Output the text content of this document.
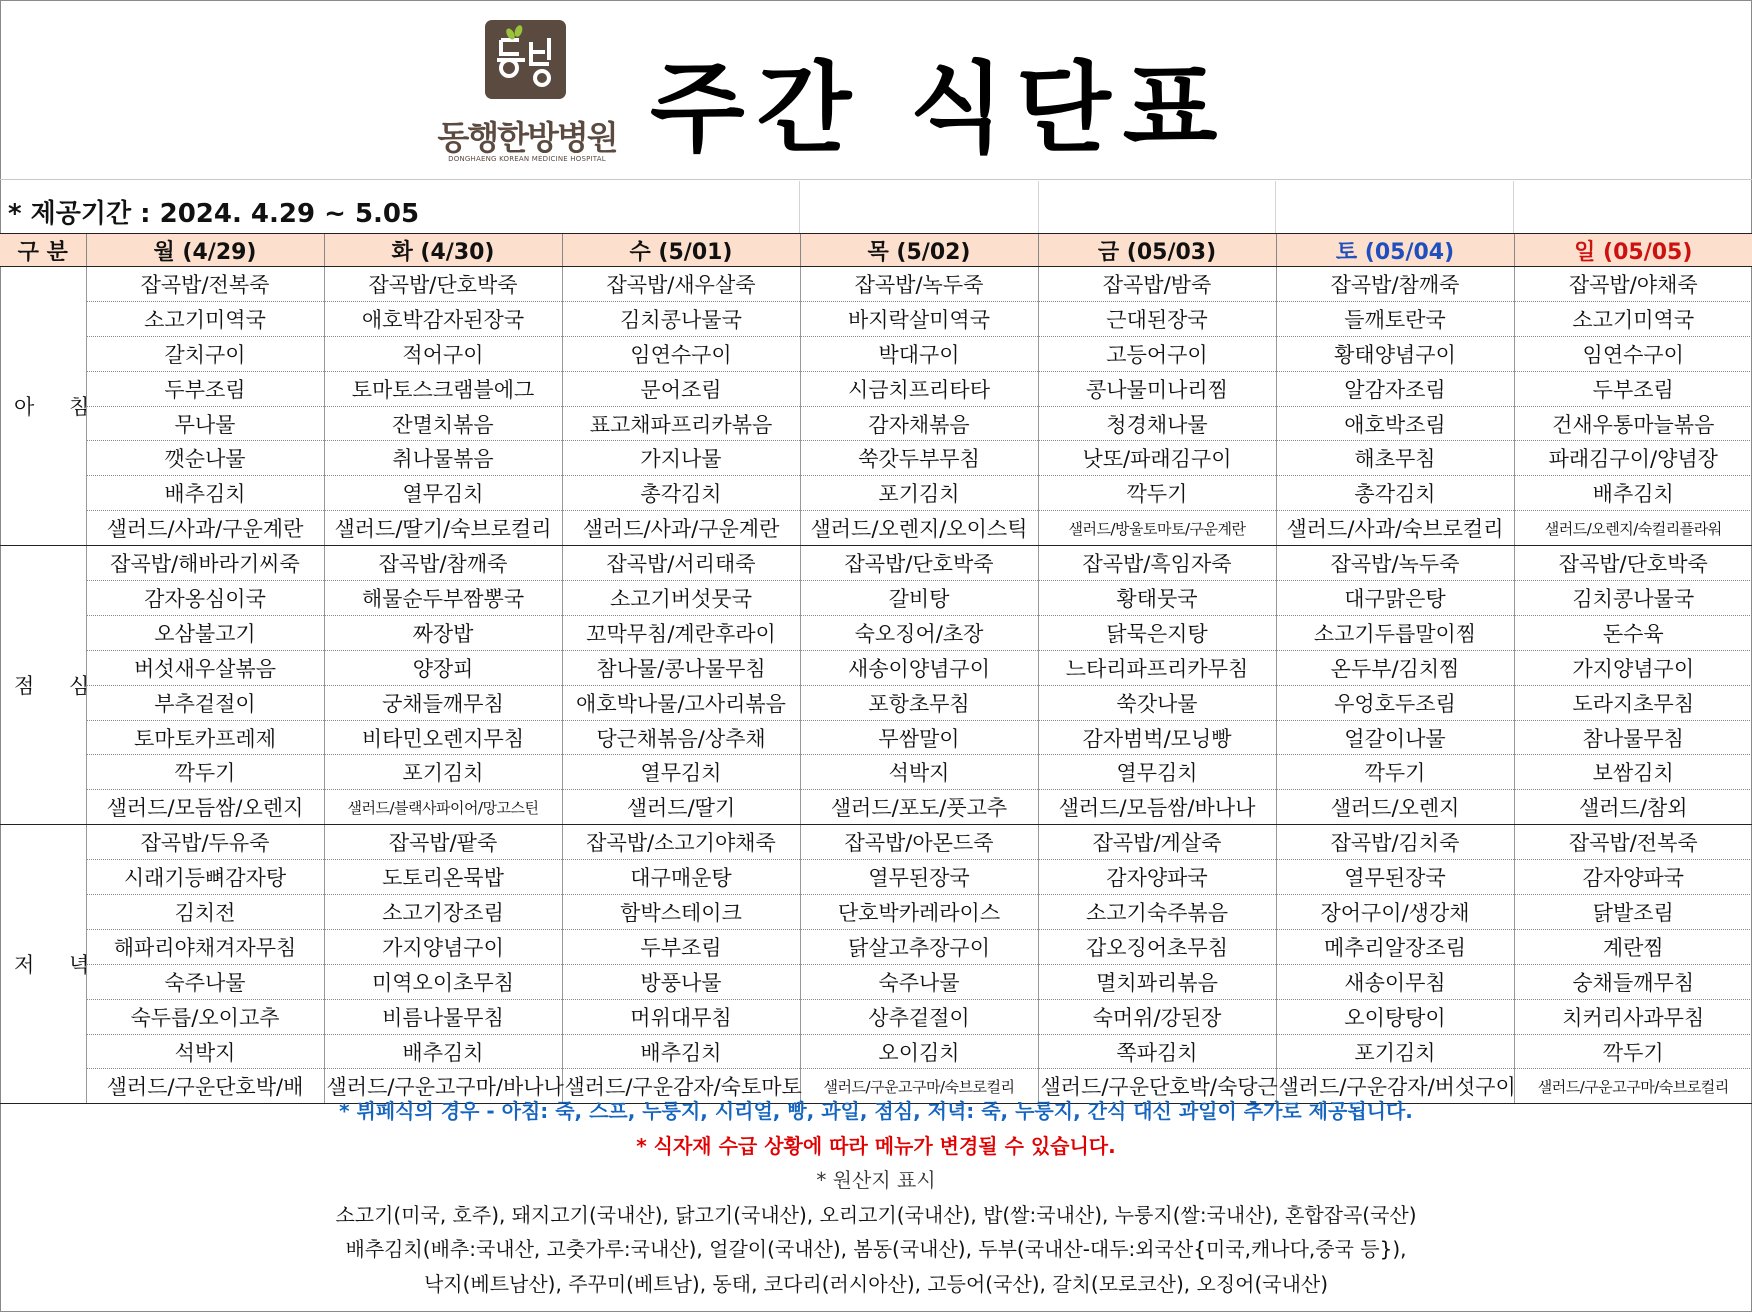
동행한방병원
DONGHAENG KOREAN MEDICINE HOSPITAL 주간 식단표
* 제공기간 : 2024. 4.29 ~ 5.05
구 분	월 (4/29)	화 (4/30)	수 (5/01)	목 (5/02)	금 (05/03)	토 (05/04)	일 (05/05)
아 침	잡곡밥/전복죽	잡곡밥/단호박죽	잡곡밥/새우살죽	잡곡밥/녹두죽	잡곡밥/밤죽	잡곡밥/참깨죽	잡곡밥/야채죽
	소고기미역국	애호박감자된장국	김치콩나물국	바지락살미역국	근대된장국	들깨토란국	소고기미역국
	갈치구이	적어구이	임연수구이	박대구이	고등어구이	황태양념구이	임연수구이
	두부조림	토마토스크램블에그	문어조림	시금치프리타타	콩나물미나리찜	알감자조림	두부조림
	무나물	잔멸치볶음	표고채파프리카볶음	감자채볶음	청경채나물	애호박조림	건새우통마늘볶음
	깻순나물	취나물볶음	가지나물	쑥갓두부무침	낫또/파래김구이	해초무침	파래김구이/양념장
	배추김치	열무김치	총각김치	포기김치	깍두기	총각김치	배추김치
	샐러드/사과/구운계란	샐러드/딸기/숙브로컬리	샐러드/사과/구운계란	샐러드/오렌지/오이스틱	샐러드/방울토마토/구운계란	샐러드/사과/숙브로컬리	샐러드/오렌지/숙컬리플라워
점 심	잡곡밥/해바라기씨죽	잡곡밥/참깨죽	잡곡밥/서리태죽	잡곡밥/단호박죽	잡곡밥/흑임자죽	잡곡밥/녹두죽	잡곡밥/단호박죽
	감자옹심이국	해물순두부짬뽕국	소고기버섯뭇국	갈비탕	황태뭇국	대구맑은탕	김치콩나물국
	오삼불고기	짜장밥	꼬막무침/계란후라이	숙오징어/초장	닭묵은지탕	소고기두릅말이찜	돈수육
	버섯새우살볶음	양장피	참나물/콩나물무침	새송이양념구이	느타리파프리카무침	온두부/김치찜	가지양념구이
	부추겉절이	궁채들깨무침	애호박나물/고사리볶음	포항초무침	쑥갓나물	우엉호두조림	도라지초무침
	토마토카프레제	비타민오렌지무침	당근채볶음/상추채	무쌈말이	감자범벅/모닝빵	얼갈이나물	참나물무침
	깍두기	포기김치	열무김치	석박지	열무김치	깍두기	보쌈김치
	샐러드/모듬쌈/오렌지	샐러드/블랙사파이어/망고스틴	샐러드/딸기	샐러드/포도/풋고추	샐러드/모듬쌈/바나나	샐러드/오렌지	샐러드/참외
저 녁	잡곡밥/두유죽	잡곡밥/팥죽	잡곡밥/소고기야채죽	잡곡밥/아몬드죽	잡곡밥/게살죽	잡곡밥/김치죽	잡곡밥/전복죽
	시래기등뼈감자탕	도토리온묵밥	대구매운탕	열무된장국	감자양파국	열무된장국	감자양파국
	김치전	소고기장조림	함박스테이크	단호박카레라이스	소고기숙주볶음	장어구이/생강채	닭발조림
	해파리야채겨자무침	가지양념구이	두부조림	닭살고추장구이	갑오징어초무침	메추리알장조림	계란찜
	숙주나물	미역오이초무침	방풍나물	숙주나물	멸치꽈리볶음	새송이무침	숭채들깨무침
	숙두릅/오이고추	비름나물무침	머위대무침	상추겉절이	숙머위/강된장	오이탕탕이	치커리사과무침
	석박지	배추김치	배추김치	오이김치	쪽파김치	포기김치	깍두기
	샐러드/구운단호박/배	샐러드/구운고구마/바나나	샐러드/구운감자/숙토마토	샐러드/구운고구마/숙브로컬리	샐러드/구운단호박/숙당근	샐러드/구운감자/버섯구이	샐러드/구운고구마/숙브로컬리
* 뷔페식의 경우 - 아침: 죽, 스프, 누룽지, 시리얼, 빵, 과일, 점심, 저녁: 죽, 누룽지, 간식 대신 과일이 추가로 제공됩니다.
* 식자재 수급 상황에 따라 메뉴가 변경될 수 있습니다.
* 원산지 표시
소고기(미국, 호주), 돼지고기(국내산), 닭고기(국내산), 오리고기(국내산), 밥(쌀:국내산), 누룽지(쌀:국내산), 혼합잡곡(국산)
배추김치(배추:국내산, 고춧가루:국내산), 얼갈이(국내산), 봄동(국내산), 두부(국내산-대두:외국산{미국,캐나다,중국 등}),
낙지(베트남산), 주꾸미(베트남), 동태, 코다리(러시아산), 고등어(국산), 갈치(모로코산), 오징어(국내산)
